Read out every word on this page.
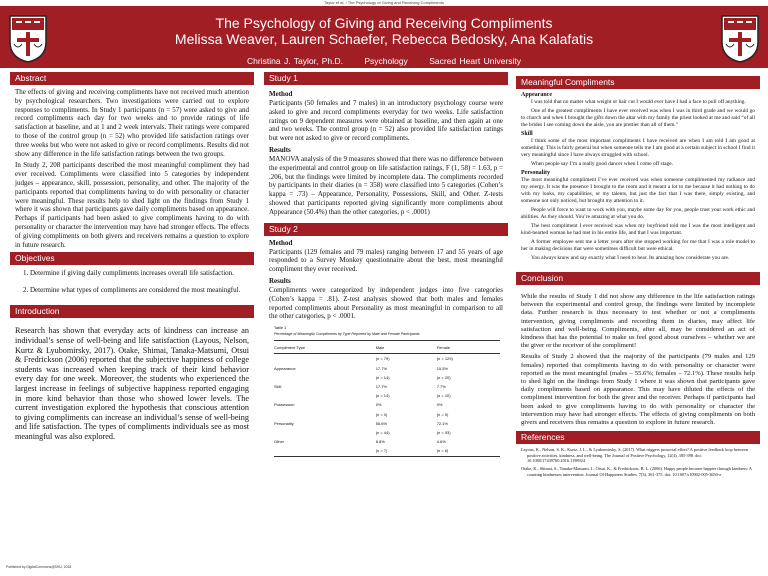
Taylor et al. / The Psychology of Giving and Receiving Compliments
The Psychology of Giving and Receiving Compliments
Melissa Weaver, Lauren Schaefer, Rebecca Bedosky, Ana Kalafatis
Christina J. Taylor, Ph.D.	Psychology	Sacred Heart University
Abstract

The effects of giving and receiving compliments have not received much attention by psychological researchers. Two investigations were carried out to explore responses to compliments. In Study 1 participants (n = 57) were asked to give and record compliments each day for two weeks and to provide ratings of life satisfaction at baseline, and at 1 and 2 week intervals. Their ratings were compared to those of the control group (n = 52) who provided life satisfaction ratings over three weeks but who were not asked to give or record compliments. Results did not show any difference in the life satisfaction ratings between the two groups.

In Study 2, 208 participants described the most meaningful compliment they had ever received. Compliments were classified into 5 categories by independent judges – appearance, skill, possession, personality, and other. The majority of the participants reported that compliments having to do with personality or character were meaningful. These results help to shed light on the findings from Study 1 where it was shown that participants gave daily compliments based on appearance. Perhaps if participants had been asked to give compliments having to do with personality or character the intervention may have had stronger effects. The effects of giving compliments on both givers and receivers remains a question to explore in future research.

Objectives
1. Determine if giving daily compliments increases overall life satisfaction.
2. Determine what types of compliments are considered the most meaningful.
Introduction
Research has shown that everyday acts of kindness can increase an individual’s sense of well-being and life satisfaction (Layous, Nelson, Kurtz & Lyubomirsky, 2017). Otake, Shimai, Tanaka-Matsumi, Otsui & Fredrickson (2006) reported that the subjective happiness of college students was increased when keeping track of their kind behavior every day for one week. Moreover, the students who experienced the largest increase in feelings of subjective happiness reported engaging in more kind behavior than those who showed lower levels. The current investigation explored the hypothesis that conscious attention to giving compliments can increase an individual’s sense of well-being and life satisfaction. The types of compliments individuals see as most meaningful was also explored.
Study 1
Method

Participants (50 females and 7 males) in an introductory psychology course were asked to give and record compliments everyday for two weeks. Life satisfaction ratings on 9 dependent measures were obtained at baseline, and then again at one and two weeks. The control group (n = 52) also provided life satisfaction ratings but were not asked to give or record compliments.

Results

MANOVA analysis of the 9 measures showed that there was no difference between the experimental and control group on life satisfaction ratings, F (1, 58) = 1.63, p = .206, but the findings were limited by incomplete data. The compliments recorded by participants in their diaries (n = 358) were classified into 5 categories (Cohen’s kappa = .73) – Appearance, Personality, Possessions, Skill, and Other. Z-tests showed that participants reported giving significantly more compliments about Appearance (50.4%) than the other categories, p < .0001)

Study 2
Method

Participants (129 females and 79 males) ranging between 17 and 55 years of age responded to a Survey Monkey questionnaire about the best, most meaningful compliment they ever received.

Results

Compliments were categorized by independent judges into five categories (Cohen’s kappa = .81). Z-test analyses showed that both males and females reported compliments about Personality as most meaningful in comparison to all the other categories, p < .0001.

Table 1
Percentage of Meaningful Compliments by Type Reported by Male and Female Participants
Compliment Type	Male	Female
	(n = 79)	(n = 129)
Appearance	17.7%	15.5%
	(n = 14)	(n = 20)
Skill	17.7%	7.7%
	(n = 14)	(n = 10)
Possession	0%	0%
	(n = 0)	(n = 0)
Personality	55.6%	72.1%
	(n = 44)	(n = 93)
Other	8.8%	4.6%
	(n = 7)	(n = 6)
Meaningful Compliments
Appearance

I was told that no matter what weight or hair cut I would ever have I had a face to pull off anything.

One of the greatest compliments I have ever received was when I was in third grade and we would go to church and when I brought the gifts down the altar with my family the priest looked at me and said “of all the brides I see coming down the aisle, you are prettier than all of them.”

Skill

I think some of the most important compliments I have received are when I am told I am good at something. This is fairly general but when someone tells me I am good at a certain subject in school I find it very meaningful since I have always struggled with school.

When people say I’m a really good dancer when I come off stage.

Personality

The most meaningful compliment I’ve ever received was when someone complimented my radiance and my energy. It was the presence I brought to the room and it meant a lot to me because it had nothing to do with my looks, my capabilities, or my talents, but just the fact that I was there, simply existing, and someone not only noticed, but brought my attention to it.

People will force to want to work with you, maybe some day for you, people trust your work ethic and abilities. As they should. You’re amazing at what you do.

The best compliment I ever received was when my boyfriend told me I was the most intelligent and kind-hearted woman he had met in his entire life, and that I was important.

A former employee sent me a letter years after she stopped working for me that I was a role model to her in making decisions that were sometimes difficult but were ethical.

You always know and say exactly what I need to hear. Its amazing how considerate you are.

Conclusion

While the results of Study 1 did not show any difference in the life satisfaction ratings between the experimental and control group, the findings were limited by incomplete data. Further research is thus necessary to test whether or not a compliments intervention, giving compliments and recording them in diaries, may affect life satisfaction and well-being. Compliments, after all, may be considered an act of kindness that has the potential to make us feel good about ourselves – whether we are the giver or the receiver of the compliment!

Results of Study 2 showed that the majority of the participants (79 males and 129 females) reported that compliments having to do with personality or character were reported as the most meaningful (males – 55.6%; females – 72.1%). These results help to shed light on the findings from Study 1 where it was shown that participants gave daily compliments based on appearance. This may have diluted the effects of the compliment intervention for both the giver and the receiver. Perhaps if participants had been asked to give compliments having to do with personality or character the intervention may have had stronger effects. The effects of giving compliments on both givers and receivers thus remains a question to explore in future research.

References

Layous, K., Nelson, S. K., Kurtz, J. L., & Lyubomirsky, S. (2017). What triggers prosocial effort? A positive feedback loop between positive activities, kindness, and well-being. The Journal of Positive Psychology, 12(4), 385-398. doi: 10.1080/17439760.2016.1198924

Otake, K., Shimai, S., Tanaka-Matsumi, J., Otsui, K., & Fredrickson, B. L. (2006). Happy people become happier through kindness: A counting kindnesses intervention. Journal Of Happiness Studies, 7(3), 361-375. doi: 10.1007/s10902-005-3650-z

Published by DigitalCommons@SHU, 2018
